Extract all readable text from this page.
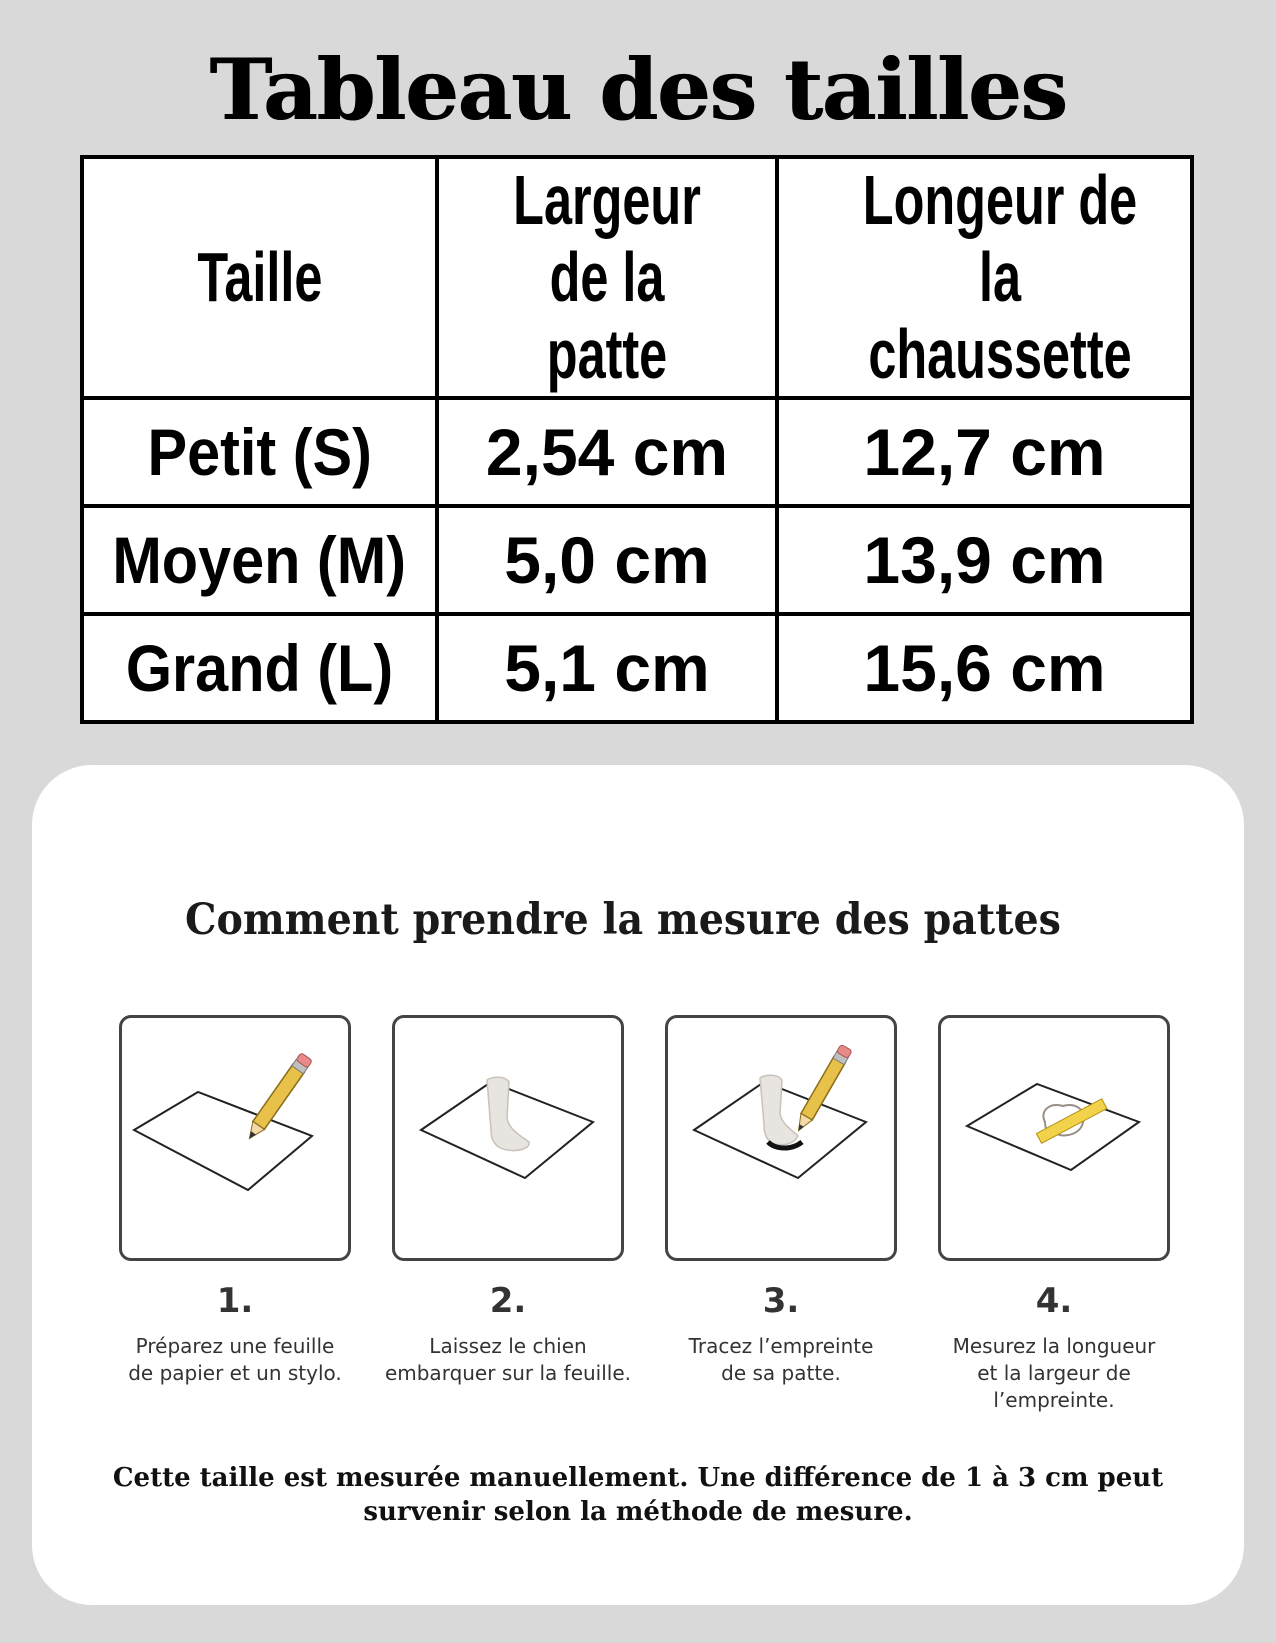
Tableau des tailles
Taille	Largeur de la patte	Longeur de la chaussette
Petit (S)	2,54 cm	12,7 cm
Moyen (M)	5,0 cm	13,9 cm
Grand (L)	5,1 cm	15,6 cm
Comment prendre la mesure des pattes
1.
Préparez une feuille
de papier et un stylo.
2.
Laissez le chien
embarquer sur la feuille.
3.
Tracez l’empreinte
de sa patte.
4.
Mesurez la longueur
et la largeur de
l’empreinte.
Cette taille est mesurée manuellement. Une différence de 1 à 3 cm peut survenir selon la méthode de mesure.
